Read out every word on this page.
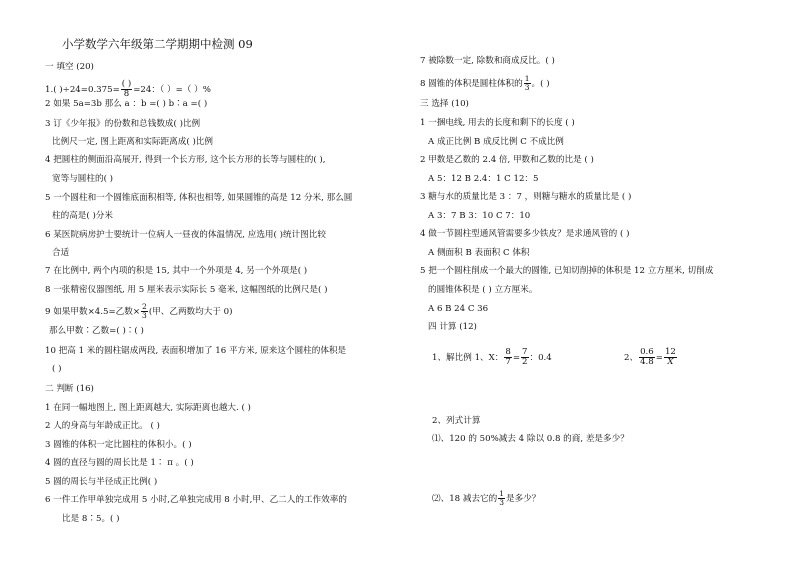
小学数学六年级第二学期期中检测 09
一 填空 (20)
1.( )$\div 24=0.375= \frac{( )}{8} =24$：（ ）=（ ）%
2 如果 5a=3b 那么 a ：b =( ) b∶a =( )
3 订《少年报》的份数和总钱数成( )比例
比例尺一定, 图上距离和实际距离成( )比例
4 把圆柱的侧面沿高展开, 得到一个长方形, 这个长方形的长等与圆柱的( ),
宽等与圆柱的( )
5 一个圆柱和一个圆锥底面积相等, 体积也相等, 如果圆锥的高是 12 分米, 那么圆
柱的高是( )分米
6 某医院病房护士要统计一位病人一昼夜的体温情况, 应选用( )统计图比较
合适
7 在比例中, 两个内项的积是 15, 其中一个外项是 4, 另一个外项是( )
8 一张精密仪器图纸, 用 5 厘米表示实际长 5 毫米, 这幅图纸的比例尺是( )
9 如果甲数×4.5=乙数× $\frac{2}{3}$ (甲、乙两数均大于 0)
那么甲数∶乙数=( )∶( )
10 把高 1 米的圆柱锯成两段, 表面积增加了 16 平方米, 原来这个圆柱的体积是
( )
二 判断 (16)
1 在同一幅地图上, 图上距离越大, 实际距离也越大. ( )
2 人的身高与年龄成正比。 ( )
3 圆锥的体积一定比圆柱的体积小。( )
4 圆的直径与圆的周长比是 1∶ π 。( )
5 圆的周长与半径成正比例( )
6 一件工作甲单独完成用 5 小时,乙单独完成用 8 小时,甲、乙二人的工作效率的
比是 8∶5。( )
7 被除数一定, 除数和商成反比。( )
8 圆锥的体积是圆柱体积的 $\frac{1}{3}$ 。( )
三 选择 (10)
1 一捆电线, 用去的长度和剩下的长度 ( )
A 成正比例 B 成反比例 C 不成比例
2 甲数是乙数的 2.4 倍, 甲数和乙数的比是 ( )
A 5：12 B 2.4：1 C 12：5
3 糖与水的质量比是 3 ：7 ，则糖与糖水的质量比是 ( )
A 3：7 B 3：10 C 7：10
4 做一节圆柱型通风管需要多少铁皮？是求通风管的 ( )
A 侧面积 B 表面积 C 体积
5 把一个圆柱削成一个最大的圆锥, 已知切削掉的体积是 12 立方厘米, 切削成
的圆锥体积是 ( ) 立方厘米。
A 6 B 24 C 36
四 计算 (12)
1、解比例 1、X： $\frac{8}{7} = \frac{7}{2}$ ：0.4	2、 $\frac{0.6}{4.8} = \frac{12}{X}$
2、列式计算
⑴、120 的 50%减去 4 除以 0.8 的商, 差是多少？
⑵、18 减去它的 $\frac{1}{3}$ 是多少？
